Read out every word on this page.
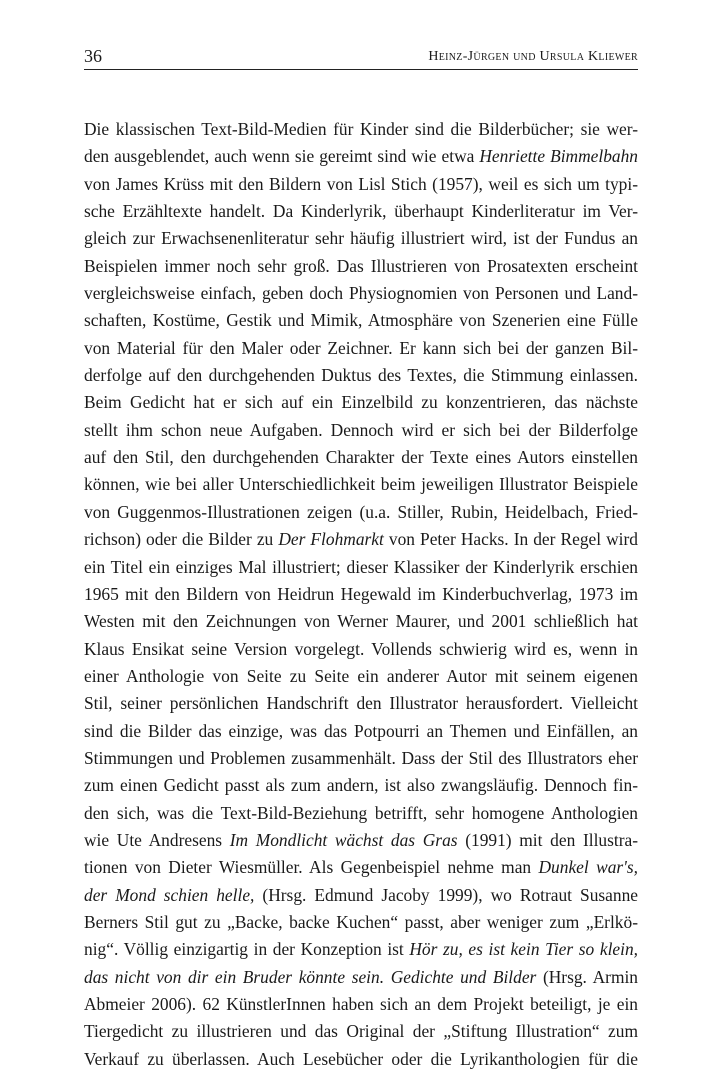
36	Heinz-Jürgen und Ursula Kliewer
Die klassischen Text-Bild-Medien für Kinder sind die Bilderbücher; sie wer-
den ausgeblendet, auch wenn sie gereimt sind wie etwa Henriette Bimmelbahn
von James Krüss mit den Bildern von Lisl Stich (1957), weil es sich um typi-
sche Erzähltexte handelt. Da Kinderlyrik, überhaupt Kinderliteratur im Ver-
gleich zur Erwachsenenliteratur sehr häufig illustriert wird, ist der Fundus an
Beispielen immer noch sehr groß. Das Illustrieren von Prosatexten erscheint
vergleichsweise einfach, geben doch Physiognomien von Personen und Land-
schaften, Kostüme, Gestik und Mimik, Atmosphäre von Szenerien eine Fülle
von Material für den Maler oder Zeichner. Er kann sich bei der ganzen Bil-
derfolge auf den durchgehenden Duktus des Textes, die Stimmung einlassen.
Beim Gedicht hat er sich auf ein Einzelbild zu konzentrieren, das nächste
stellt ihm schon neue Aufgaben. Dennoch wird er sich bei der Bilderfolge
auf den Stil, den durchgehenden Charakter der Texte eines Autors einstellen
können, wie bei aller Unterschiedlichkeit beim jeweiligen Illustrator Beispiele
von Guggenmos-Illustrationen zeigen (u.a. Stiller, Rubin, Heidelbach, Fried-
richson) oder die Bilder zu Der Flohmarkt von Peter Hacks. In der Regel wird
ein Titel ein einziges Mal illustriert; dieser Klassiker der Kinderlyrik erschien
1965 mit den Bildern von Heidrun Hegewald im Kinderbuchverlag, 1973 im
Westen mit den Zeichnungen von Werner Maurer, und 2001 schließlich hat
Klaus Ensikat seine Version vorgelegt. Vollends schwierig wird es, wenn in
einer Anthologie von Seite zu Seite ein anderer Autor mit seinem eigenen
Stil, seiner persönlichen Handschrift den Illustrator herausfordert. Vielleicht
sind die Bilder das einzige, was das Potpourri an Themen und Einfällen, an
Stimmungen und Problemen zusammenhält. Dass der Stil des Illustrators eher
zum einen Gedicht passt als zum andern, ist also zwangsläufig. Dennoch fin-
den sich, was die Text-Bild-Beziehung betrifft, sehr homogene Anthologien
wie Ute Andresens Im Mondlicht wächst das Gras (1991) mit den Illustra-
tionen von Dieter Wiesmüller. Als Gegenbeispiel nehme man Dunkel war's,
der Mond schien helle, (Hrsg. Edmund Jacoby 1999), wo Rotraut Susanne
Berners Stil gut zu „Backe, backe Kuchen“ passt, aber weniger zum „Erlkö-
nig“. Völlig einzigartig in der Konzeption ist Hör zu, es ist kein Tier so klein,
das nicht von dir ein Bruder könnte sein. Gedichte und Bilder (Hrsg. Armin
Abmeier 2006). 62 KünstlerInnen haben sich an dem Projekt beteiligt, je ein
Tiergedicht zu illustrieren und das Original der „Stiftung Illustration“ zum
Verkauf zu überlassen. Auch Lesebücher oder die Lyrikanthologien für die
